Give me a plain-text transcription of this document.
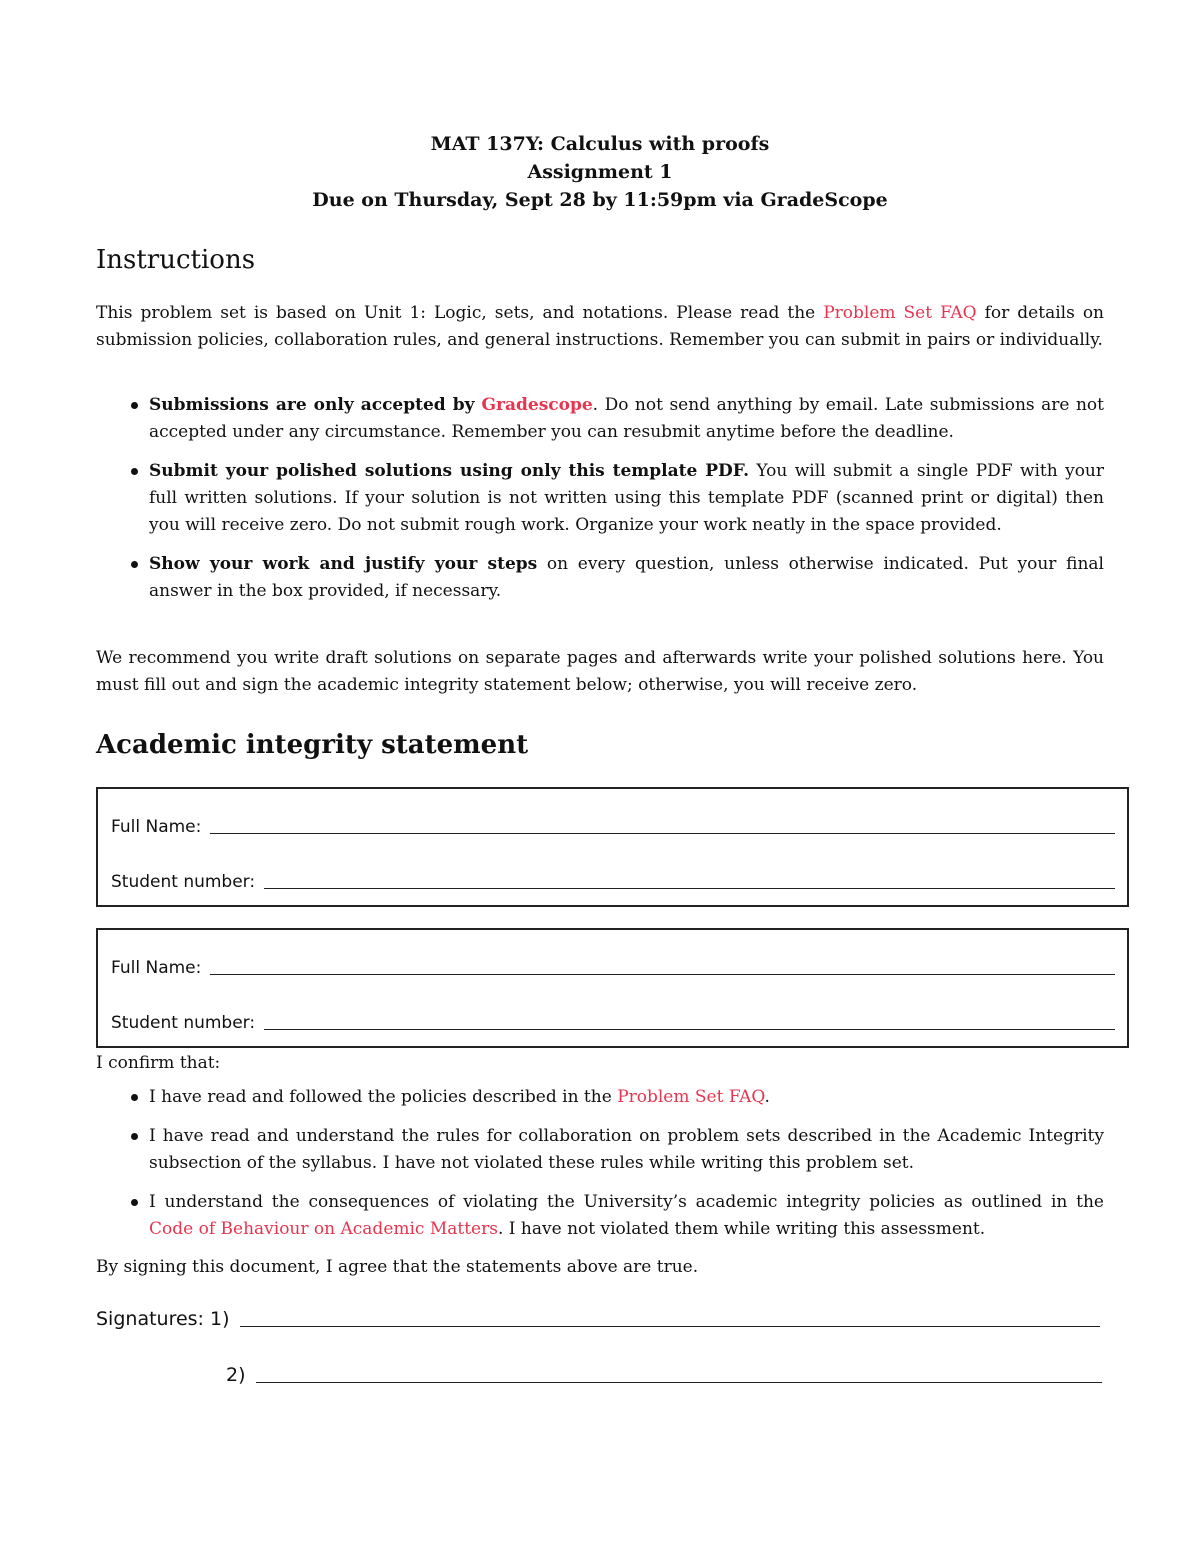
MAT 137Y: Calculus with proofs
Assignment 1
Due on Thursday, Sept 28 by 11:59pm via GradeScope
Instructions
This problem set is based on Unit 1: Logic, sets, and notations. Please read the Problem Set FAQ for details on submission policies, collaboration rules, and general instructions. Remember you can submit in pairs or individually.
Submissions are only accepted by Gradescope. Do not send anything by email. Late submissions are not accepted under any circumstance. Remember you can resubmit anytime before the deadline.
Submit your polished solutions using only this template PDF. You will submit a single PDF with your full written solutions. If your solution is not written using this template PDF (scanned print or digital) then you will receive zero. Do not submit rough work. Organize your work neatly in the space provided.
Show your work and justify your steps on every question, unless otherwise indicated. Put your final answer in the box provided, if necessary.
We recommend you write draft solutions on separate pages and afterwards write your polished solutions here. You must fill out and sign the academic integrity statement below; otherwise, you will receive zero.
Academic integrity statement
Full Name:
Student number:
Full Name:
Student number:
I confirm that:
I have read and followed the policies described in the Problem Set FAQ.
I have read and understand the rules for collaboration on problem sets described in the Academic Integrity subsection of the syllabus. I have not violated these rules while writing this problem set.
I understand the consequences of violating the University’s academic integrity policies as outlined in the Code of Behaviour on Academic Matters. I have not violated them while writing this assessment.
By signing this document, I agree that the statements above are true.
Signatures: 1)
2)
